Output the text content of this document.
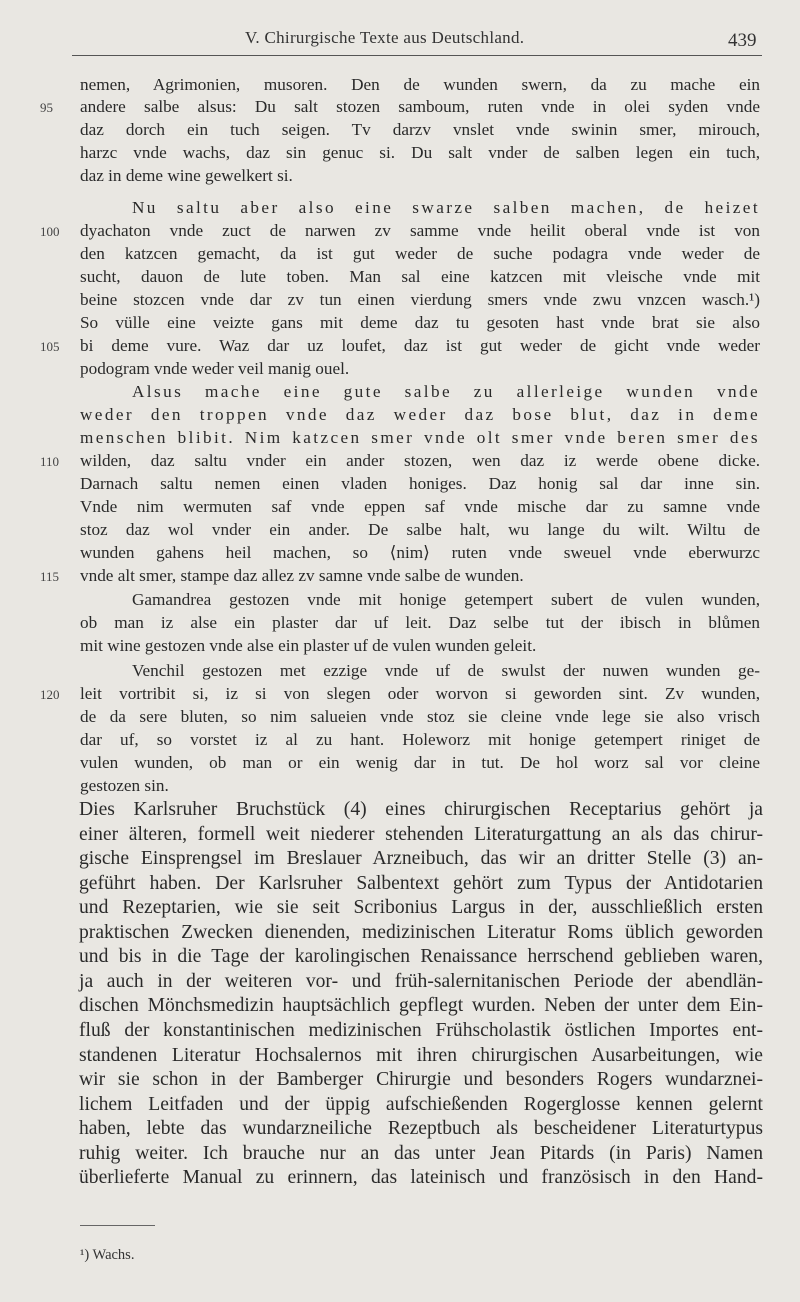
V. Chirurgische Texte aus Deutschland.	439
nemen, Agrimonien, musoren. Den de wunden swern, da zu mache ein
andere salbe alsus: Du salt stozen samboum, ruten vnde in olei syden vnde
95
daz dorch ein tuch seigen. Tv darzv vnslet vnde swinin smer, mirouch,
harzc vnde wachs, daz sin genuc si. Du salt vnder de salben legen ein tuch,
daz in deme wine gewelkert si.
Nu saltu aber also eine swarze salben machen, de heizet
dyachaton vnde zuct de narwen zv samme vnde heilit oberal vnde ist von
100
den katzcen gemacht, da ist gut weder de suche podagra vnde weder de
sucht, dauon de lute toben. Man sal eine katzcen mit vleische vnde mit
beine stozcen vnde dar zv tun einen vierdung smers vnde zwu vnzcen wasch.¹)
So vülle eine veizte gans mit deme daz tu gesoten hast vnde brat sie also
bi deme vure. Waz dar uz loufet, daz ist gut weder de gicht vnde weder
105
podogram vnde weder veil manig ouel.
Alsus mache eine gute salbe zu allerleige wunden vnde
weder den troppen vnde daz weder daz bose blut, daz in deme
menschen blibit. Nim katzcen smer vnde olt smer vnde beren smer des
wilden, daz saltu vnder ein ander stozen, wen daz iz werde obene dicke.
110
Darnach saltu nemen einen vladen honiges. Daz honig sal dar inne sin.
Vnde nim wermuten saf vnde eppen saf vnde mische dar zu samne vnde
stoz daz wol vnder ein ander. De salbe halt, wu lange du wilt. Wiltu de
wunden gahens heil machen, so ⟨nim⟩ ruten vnde sweuel vnde eberwurzc
vnde alt smer, stampe daz allez zv samne vnde salbe de wunden.
115
Gamandrea gestozen vnde mit honige getempert subert de vulen wunden,
ob man iz alse ein plaster dar uf leit. Daz selbe tut der ibisch in blůmen
mit wine gestozen vnde alse ein plaster uf de vulen wunden geleit.
Venchil gestozen met ezzige vnde uf de swulst der nuwen wunden ge-
leit vortribit si, iz si von slegen oder worvon si geworden sint. Zv wunden,
120
de da sere bluten, so nim salueien vnde stoz sie cleine vnde lege sie also vrisch
dar uf, so vorstet iz al zu hant. Holeworz mit honige getempert riniget de
vulen wunden, ob man or ein wenig dar in tut. De hol worz sal vor cleine
gestozen sin.
Dies Karlsruher Bruchstück (4) eines chirurgischen Receptarius gehört ja
einer älteren, formell weit niederer stehenden Literaturgattung an als das chirur-
gische Einsprengsel im Breslauer Arzneibuch, das wir an dritter Stelle (3) an-
geführt haben. Der Karlsruher Salbentext gehört zum Typus der Antidotarien
und Rezeptarien, wie sie seit Scribonius Largus in der, ausschließlich ersten
praktischen Zwecken dienenden, medizinischen Literatur Roms üblich geworden
und bis in die Tage der karolingischen Renaissance herrschend geblieben waren,
ja auch in der weiteren vor- und früh-salernitanischen Periode der abendlän-
dischen Mönchsmedizin hauptsächlich gepflegt wurden. Neben der unter dem Ein-
fluß der konstantinischen medizinischen Frühscholastik östlichen Importes ent-
standenen Literatur Hochsalernos mit ihren chirurgischen Ausarbeitungen, wie
wir sie schon in der Bamberger Chirurgie und besonders Rogers wundarznei-
lichem Leitfaden und der üppig aufschießenden Rogerglosse kennen gelernt
haben, lebte das wundarzneiliche Rezeptbuch als bescheidener Literaturtypus
ruhig weiter. Ich brauche nur an das unter Jean Pitards (in Paris) Namen
überlieferte Manual zu erinnern, das lateinisch und französisch in den Hand-
¹) Wachs.
